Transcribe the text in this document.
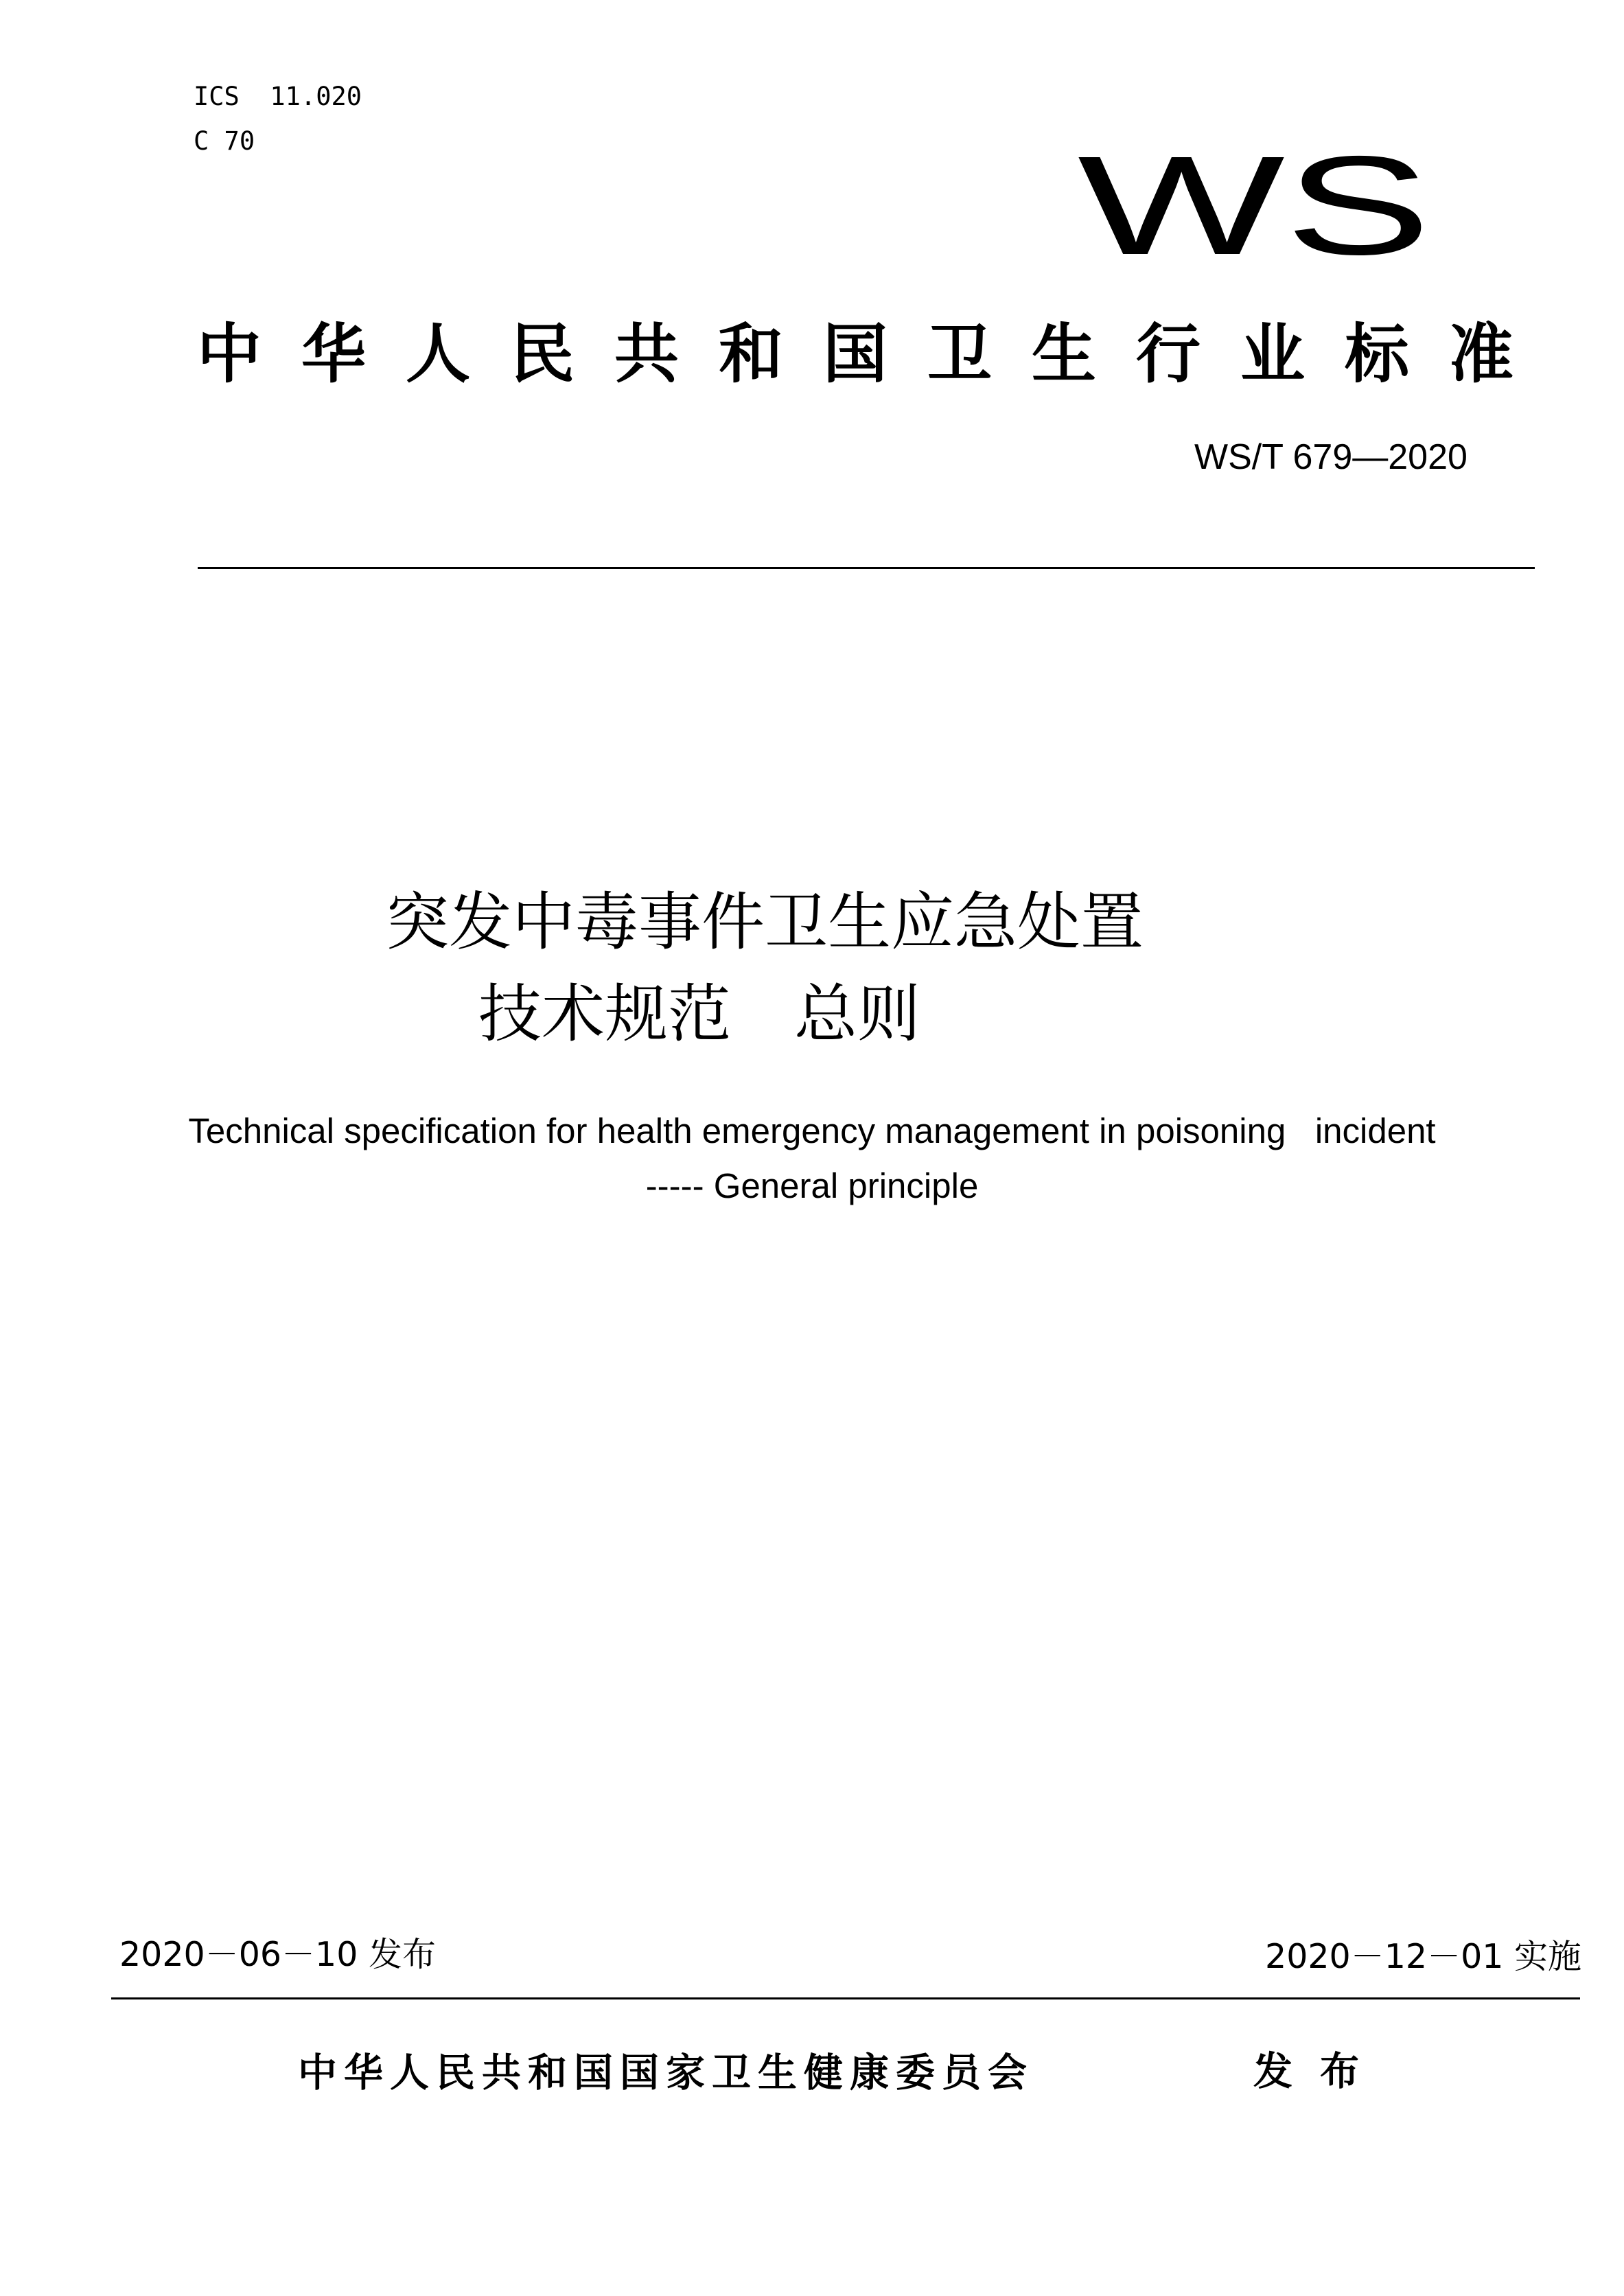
ICS  11.020
C 70	WS
中华人民共和国卫生行业标准
WS/T 679—2020
突发中毒事件卫生应急处置
技术规范　总则
Technical specification for health emergency management in poisoning   incident
----- General principle
2020－06－10 发布	2020－12－01 实施
中华人民共和国国家卫生健康委员会	发布
